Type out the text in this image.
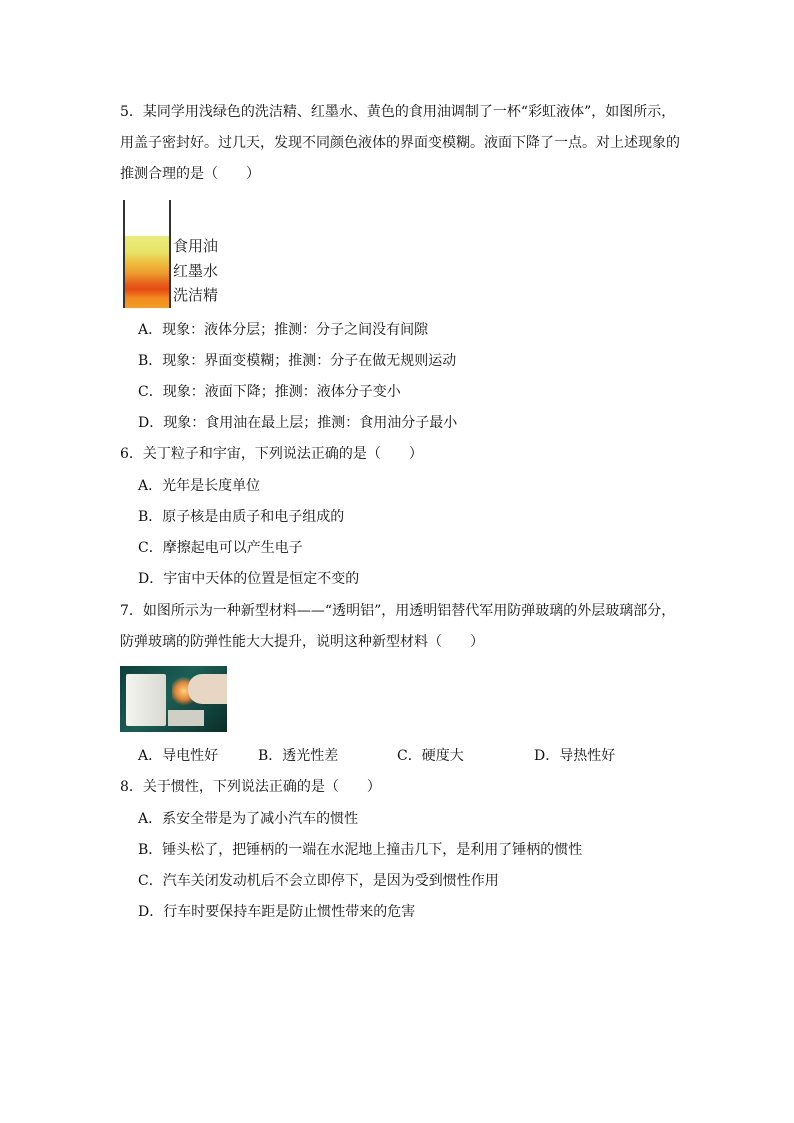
5．某同学用浅绿色的洗洁精、红墨水、黄色的食用油调制了一杯“彩虹液体”，如图所示，
用盖子密封好。过几天，发现不同颜色液体的界面变模糊。液面下降了一点。对上述现象的
推测合理的是（　　）
食用油
红墨水
洗洁精
A．现象：液体分层；推测：分子之间没有间隙
B．现象：界面变模糊；推测：分子在做无规则运动
C．现象：液面下降；推测：液体分子变小
D．现象：食用油在最上层；推测：食用油分子最小
6．关丁粒子和宇宙，下列说法正确的是（　　）
A．光年是长度单位
B．原子核是由质子和电子组成的
C．摩擦起电可以产生电子
D．宇宙中天体的位置是恒定不变的
7．如图所示为一种新型材料——“透明铝”，用透明铝替代军用防弹玻璃的外层玻璃部分，
防弹玻璃的防弹性能大大提升，说明这种新型材料（　　）
A．导电性好	B．透光性差	C．硬度大	D．导热性好
8．关于惯性，下列说法正确的是（　　）
A．系安全带是为了减小汽车的惯性
B．锤头松了，把锤柄的一端在水泥地上撞击几下，是利用了锤柄的惯性
C．汽车关闭发动机后不会立即停下，是因为受到惯性作用
D．行车时要保持车距是防止惯性带来的危害
